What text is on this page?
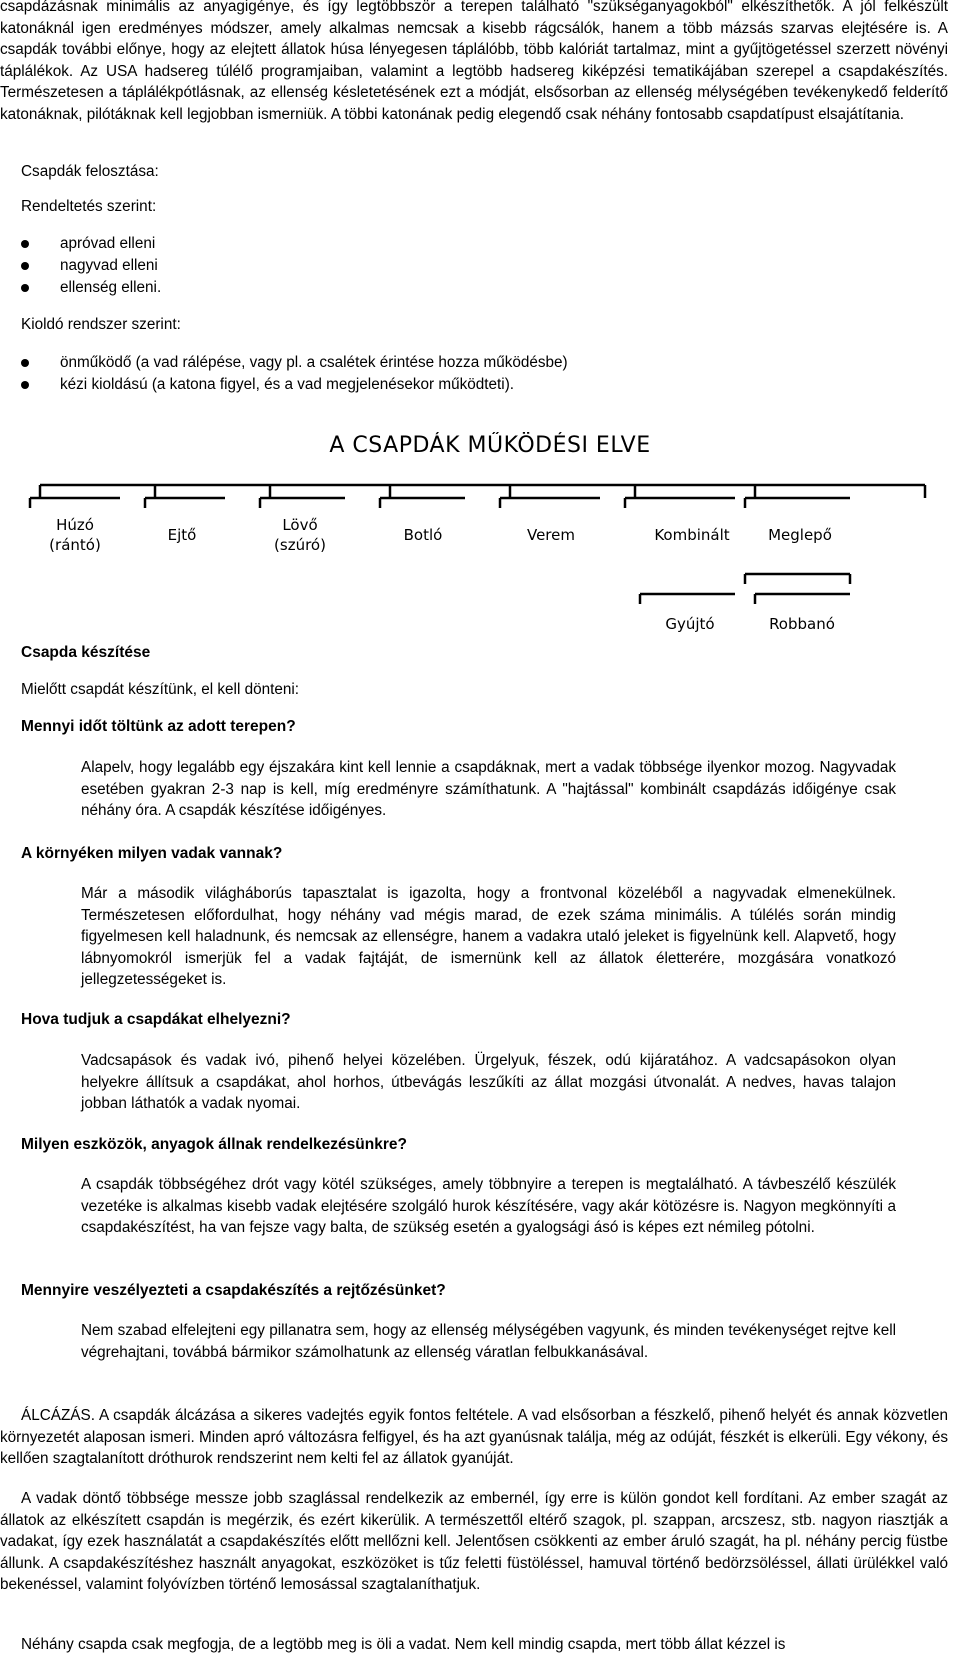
csapdázásnak minimális az anyagigénye, és így legtöbbször a terepen található "szükséganyagokból" elkészíthetők. A jól felkészült katonáknál igen eredményes módszer, amely alkalmas nemcsak a kisebb rágcsálók, hanem a több mázsás szarvas elejtésére is. A csapdák további előnye, hogy az elejtett állatok húsa lényegesen táplálóbb, több kalóriát tartalmaz, mint a gyűjtögetéssel szerzett növényi táplálékok. Az USA hadsereg túlélő programjaiban, valamint a legtöbb hadsereg kiképzési tematikájában szerepel a csapdakészítés. Természetesen a táplálékpótlásnak, az ellenség késletetésének ezt a módját, elsősorban az ellenség mélységében tevékenykedő felderítő katonáknak, pilótáknak kell legjobban ismerniük. A többi katonának pedig elegendő csak néhány fontosabb csapdatípust elsajátítania.

Csapdák felosztása:

Rendeltetés szerint:

apróvad elleni
nagyvad elleni
ellenség elleni.

Kioldó rendszer szerint:

önműködő (a vad rálépése, vagy pl. a csalétek érintése hozza működésbe)
kézi kioldású (a katona figyel, és a vad megjelenésekor működteti).
A CSAPDÁK MŰKÖDÉSI ELVE
Húzó
(rántó)
Ejtő
Lövő
(szúró)
Botló	Verem	Kombinált	Meglepő
Gyújtó	Robbanó

Csapda készítése

Mielőtt csapdát készítünk, el kell dönteni:

Mennyi időt töltünk az adott terepen?

Alapelv, hogy legalább egy éjszakára kint kell lennie a csapdáknak, mert a vadak többsége ilyenkor mozog. Nagyvadak esetében gyakran 2-3 nap is kell, míg eredményre számíthatunk. A "hajtással" kombinált csapdázás időigénye csak néhány óra. A csapdák készítése időigényes.

A környéken milyen vadak vannak?

Már a második világháborús tapasztalat is igazolta, hogy a frontvonal közeléből a nagyvadak elmenekülnek. Természetesen előfordulhat, hogy néhány vad mégis marad, de ezek száma minimális. A túlélés során mindig figyelmesen kell haladnunk, és nemcsak az ellenségre, hanem a vadakra utaló jeleket is figyelnünk kell. Alapvető, hogy lábnyomokról ismerjük fel a vadak fajtáját, de ismernünk kell az állatok életterére, mozgására vonatkozó jellegzetességeket is.

Hova tudjuk a csapdákat elhelyezni?

Vadcsapások és vadak ivó, pihenő helyei közelében. Ürgelyuk, fészek, odú kijáratához. A vadcsapásokon olyan helyekre állítsuk a csapdákat, ahol horhos, útbevágás leszűkíti az állat mozgási útvonalát. A nedves, havas talajon jobban láthatók a vadak nyomai.

Milyen eszközök, anyagok állnak rendelkezésünkre?

A csapdák többségéhez drót vagy kötél szükséges, amely többnyire a terepen is megtalálható. A távbeszélő készülék vezetéke is alkalmas kisebb vadak elejtésére szolgáló hurok készítésére, vagy akár kötözésre is. Nagyon megkönnyíti a csapdakészítést, ha van fejsze vagy balta, de szükség esetén a gyalogsági ásó is képes ezt némileg pótolni.

Mennyire veszélyezteti a csapdakészítés a rejtőzésünket?

Nem szabad elfelejteni egy pillanatra sem, hogy az ellenség mélységében vagyunk, és minden tevékenységet rejtve kell végrehajtani, továbbá bármikor számolhatunk az ellenség váratlan felbukkanásával.

ÁLCÁZÁS. A csapdák álcázása a sikeres vadejtés egyik fontos feltétele. A vad elsősorban a fészkelő, pihenő helyét és annak közvetlen környezetét alaposan ismeri. Minden apró változásra felfigyel, és ha azt gyanúsnak találja, még az odúját, fészkét is elkerüli. Egy vékony, és kellően szagtalanított dróthurok rendszerint nem kelti fel az állatok gyanúját.

A vadak döntő többsége messze jobb szaglással rendelkezik az embernél, így erre is külön gondot kell fordítani. Az ember szagát az állatok az elkészített csapdán is megérzik, és ezért kikerülik. A természettől eltérő szagok, pl. szappan, arcszesz, stb. nagyon riasztják a vadakat, így ezek használatát a csapdakészítés előtt mellőzni kell. Jelentősen csökkenti az ember áruló szagát, ha pl. néhány percig füstbe állunk. A csapdakészítéshez használt anyagokat, eszközöket is tűz feletti füstöléssel, hamuval történő bedörzsöléssel, állati ürülékkel való bekenéssel, valamint folyóvízben történő lemosással szagtalaníthatjuk.

Néhány csapda csak megfogja, de a legtöbb meg is öli a vadat. Nem kell mindig csapda, mert több állat kézzel is
